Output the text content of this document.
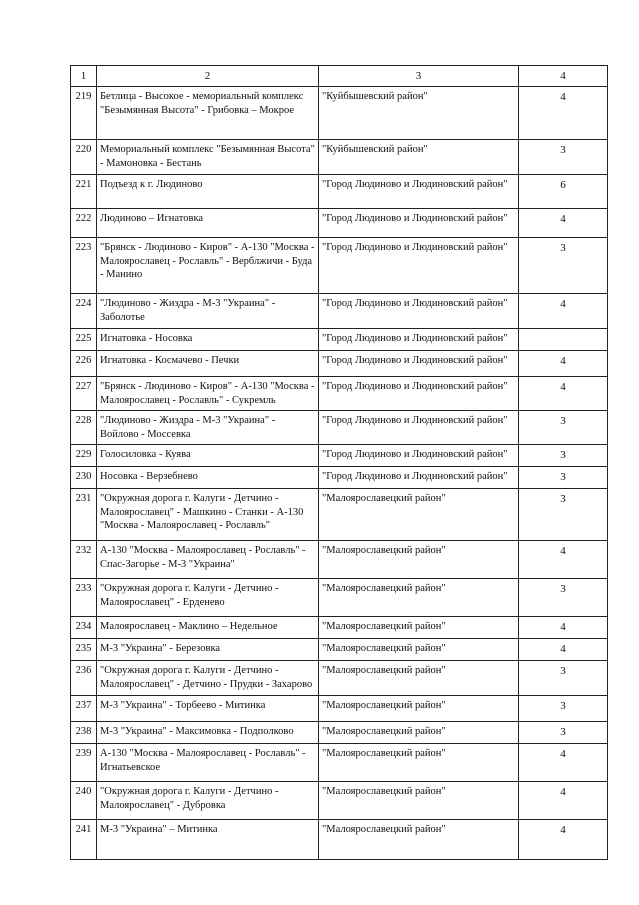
1	2	3	4
219	Бетлица - Высокое - мемориальный комплекс "Безымянная Высота" - Грибовка – Мокрое	"Куйбышевский район"	4
220	Мемориальный комплекс "Безымянная Высота" - Мамоновка - Бестань	"Куйбышевский район"	3
221	Подъезд к г. Людиново	"Город Людиново и Людиновский район"	6
222	Людиново – Игнатовка	"Город Людиново и Людиновский район"	4
223	"Брянск - Людиново - Киров" - А-130 "Москва - Малоярославец - Рославль" - Верблжичи - Буда - Манино	"Город Людиново и Людиновский район"	3
224	"Людиново - Жиздра - М-3 "Украина" - Заболотье	"Город Людиново и Людиновский район"	4
225	Игнатовка - Носовка	"Город Людиново и Людиновский район"	
226	Игнатовка - Космачево - Печки	"Город Людиново и Людиновский район"	4
227	"Брянск - Людиново - Киров" - А-130 "Москва - Малоярославец - Рославль" - Сукремль	"Город Людиново и Людиновский район"	4
228	"Людиново - Жиздра - М-3 "Украина" - Войлово - Моссевка	"Город Людиново и Людиновский район"	3
229	Голосиловка - Куява	"Город Людиново и Людиновский район"	3
230	Носовка - Верзебнево	"Город Людиново и Людиновский район"	3
231	"Окружная дорога г. Калуги - Детчино - Малоярославец" - Машкино - Станки - А-130 "Москва - Малоярославец - Рославль"	"Малоярославецкий район"	3
232	А-130 "Москва - Малоярославец - Рославль" - Спас-Загорье - М-3 "Украина"	"Малоярославецкий район"	4
233	"Окружная дорога г. Калуги - Детчино - Малоярославец" - Ерденево	"Малоярославецкий район"	3
234	Малоярославец - Маклино – Недельное	"Малоярославецкий район"	4
235	М-3 "Украина" - Березовка	"Малоярославецкий район"	4
236	"Окружная дорога г. Калуги - Детчино - Малоярославец" - Детчино - Прудки - Захарово	"Малоярославецкий район"	3
237	М-3 "Украина" - Торбеево - Митинка	"Малоярославецкий район"	3
238	М-3 "Украина" - Максимовка - Подполково	"Малоярославецкий район"	3
239	А-130 "Москва - Малоярославец - Рославль" - Игнатьевское	"Малоярославецкий район"	4
240	"Окружная дорога г. Калуги - Детчино - Малоярославец" - Дубровка	"Малоярославецкий район"	4
241	М-3 "Украина" – Митинка	"Малоярославецкий район"	4
